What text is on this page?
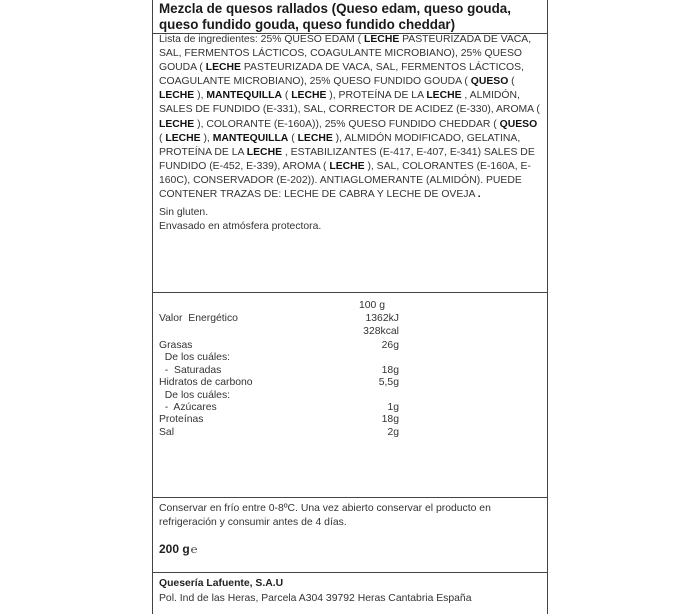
Mezcla de quesos rallados (Queso edam, queso gouda, queso fundido gouda, queso fundido cheddar)
Lista de ingredientes: 25% QUESO EDAM ( LECHE PASTEURIZADA DE VACA, SAL, FERMENTOS LÁCTICOS, COAGULANTE MICROBIANO), 25% QUESO GOUDA ( LECHE PASTEURIZADA DE VACA, SAL, FERMENTOS LÁCTICOS, COAGULANTE MICROBIANO), 25% QUESO FUNDIDO GOUDA ( QUESO ( LECHE ), MANTEQUILLA ( LECHE ), PROTEÍNA DE LA LECHE , ALMIDÓN, SALES DE FUNDIDO (E-331), SAL, CORRECTOR DE ACIDEZ (E-330), AROMA ( LECHE ), COLORANTE (E-160A)), 25% QUESO FUNDIDO CHEDDAR ( QUESO ( LECHE ), MANTEQUILLA ( LECHE ), ALMIDÓN MODIFICADO, GELATINA, PROTEÍNA DE LA LECHE , ESTABILIZANTES (E-417, E-407, E-341) SALES DE FUNDIDO (E-452, E-339), AROMA ( LECHE ), SAL, COLORANTES (E-160A, E-160C), CONSERVADOR (E-202)). ANTIAGLOMERANTE (ALMIDÓN). PUEDE CONTENER TRAZAS DE: LECHE DE CABRA Y LECHE DE OVEJA .
Sin gluten.
Envasado en atmósfera protectora.
100 g
Valor  Energético	1362kJ
328kcal
Grasas	26g
De los cuáles:
-  Saturadas	18g
Hidratos de carbono	5,5g
De los cuáles:
-  Azúcares	1g
Proteínas	18g
Sal	2g
Conservar en frío entre 0-8ºC. Una vez abierto conservar el producto en refrigeración y consumir antes de 4 días.
200 g℮
Quesería Lafuente, S.A.U
Pol. Ind de las Heras, Parcela A304 39792 Heras Cantabria España
